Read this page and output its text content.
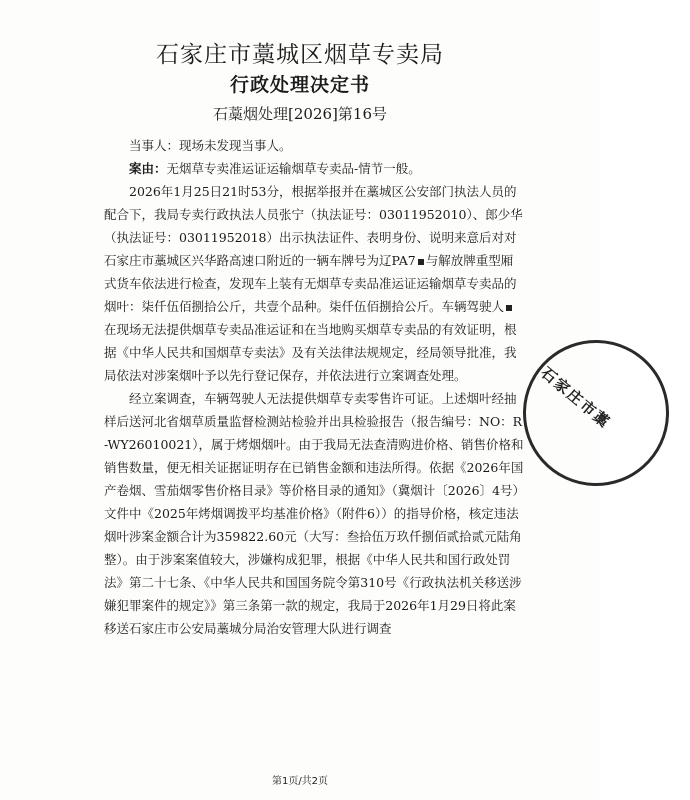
石家庄市藁城区烟草专卖局
行政处理决定书
石藁烟处理[2026]第16号

当事人：现场未发现当事人。

案由：无烟草专卖准运证运输烟草专卖品-情节一般。

2026年1月25日21时53分，根据举报并在藁城区公安部门执法人员的配合下，我局专卖行政执法人员张宁（执法证号：03011952010）、郎少华（执法证号：03011952018）出示执法证件、表明身份、说明来意后对对石家庄市藁城区兴华路高速口附近的一辆车牌号为辽PA7 与解放牌重型厢式货车依法进行检查，发现车上装有无烟草专卖品准运证运输烟草专卖品的烟叶：柒仟伍佰捌拾公斤，共壹个品种。柒仟伍佰捌拾公斤。车辆驾驶人在现场无法提供烟草专卖品准运证和在当地购买烟草专卖品的有效证明，根据《中华人民共和国烟草专卖法》及有关法律法规规定，经局领导批准，我局依法对涉案烟叶予以先行登记保存，并依法进行立案调查处理。

经立案调查，车辆驾驶人无法提供烟草专卖零售许可证。上述烟叶经抽样后送河北省烟草质量监督检测站检验并出具检验报告（报告编号：NO：R-WY26010021），属于烤烟烟叶。由于我局无法查清购进价格、销售价格和销售数量，便无相关证据证明存在已销售金额和违法所得。依据《2026年国产卷烟、雪茄烟零售价格目录》等价格目录的通知》（冀烟计〔2026〕4号）文件中《2025年烤烟调拨平均基准价格》（附件6））的指导价格，核定违法烟叶涉案金额合计为359822.60元（大写：叁拾伍万玖仟捌佰贰拾贰元陆角整）。由于涉案案值较大，涉嫌构成犯罪，根据《中华人民共和国行政处罚法》第二十七条、《中华人民共和国国务院令第310号《行政执法机关移送涉嫌犯罪案件的规定》》第三条第一款的规定，我局于2026年1月29日将此案移送石家庄市公安局藁城分局治安管理大队进行调查

石家庄市藁
第1页/共2页
